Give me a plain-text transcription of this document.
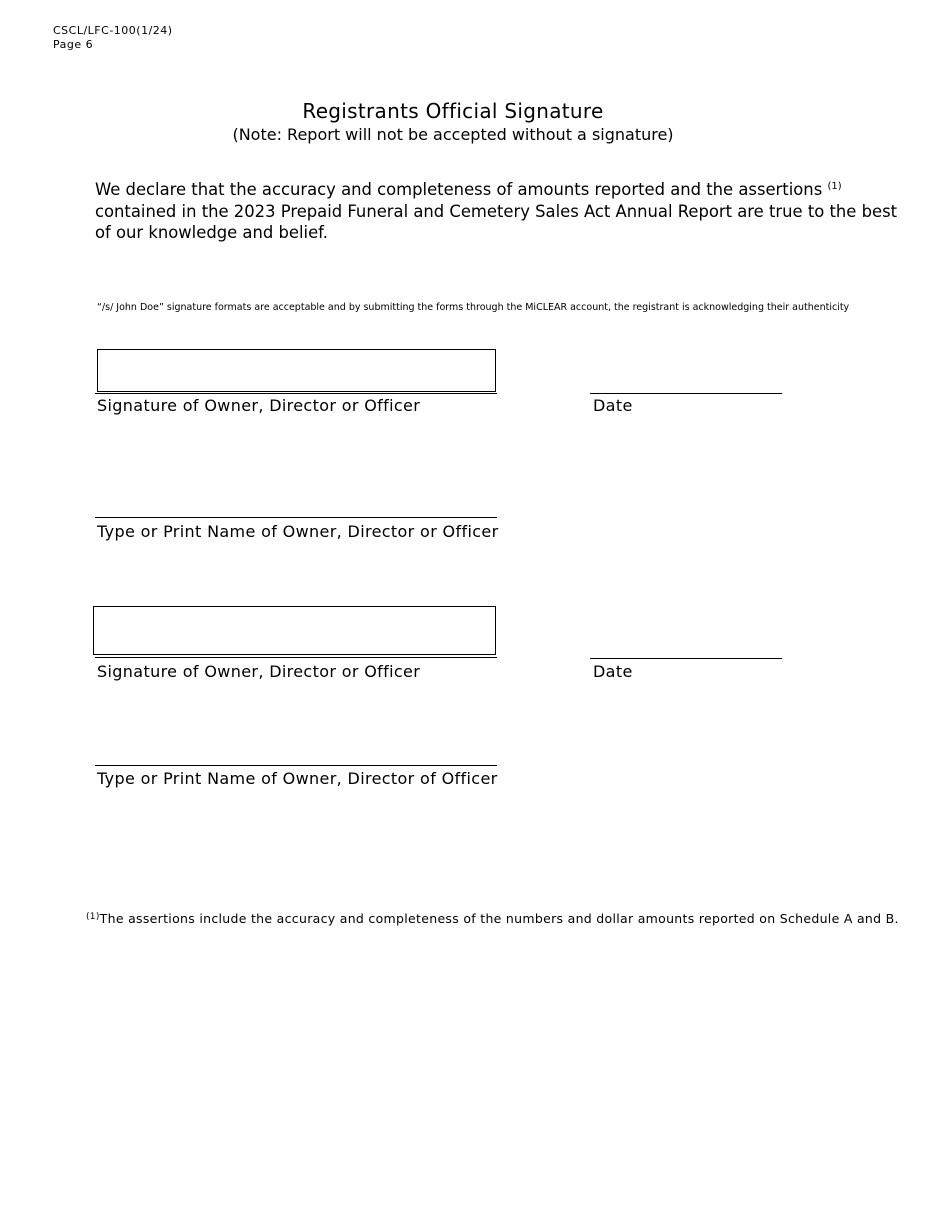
CSCL/LFC-100(1/24)
Page 6
Registrants Official Signature
(Note: Report will not be accepted without a signature)
We declare that the accuracy and completeness of amounts reported and the assertions $^{(1)}$ contained in the 2023 Prepaid Funeral and Cemetery Sales Act Annual Report are true to the best of our knowledge and belief.
“/s/ John Doe” signature formats are acceptable and by submitting the forms through the MiCLEAR account, the registrant is acknowledging their authenticity
Signature of Owner, Director or Officer	Date
Type or Print Name of Owner, Director or Officer
Signature of Owner, Director or Officer	Date
Type or Print Name of Owner, Director of Officer
$^{(1)}$The assertions include the accuracy and completeness of the numbers and dollar amounts reported on Schedule A and B.
